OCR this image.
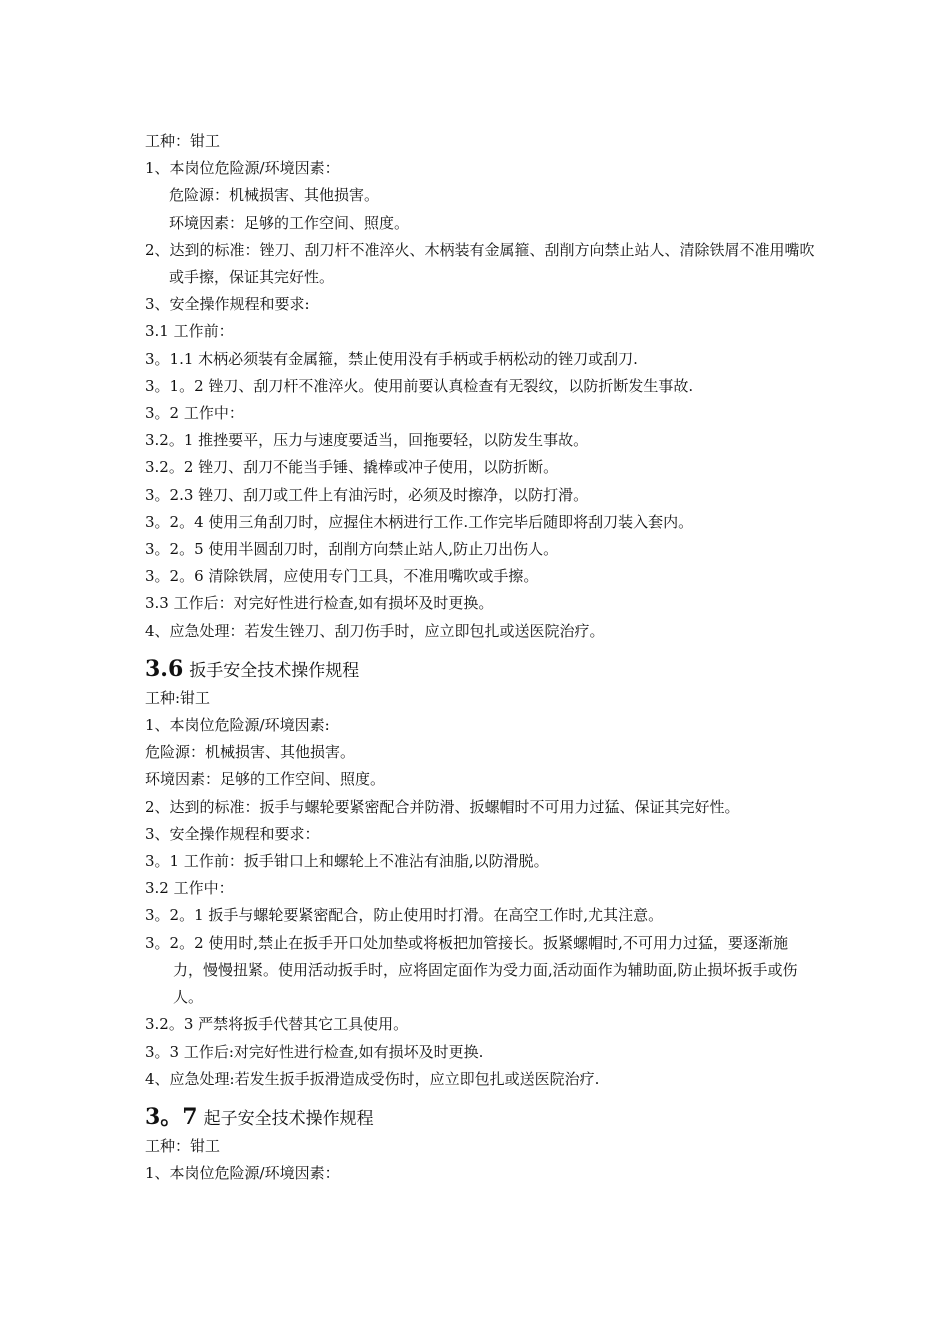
工种：钳工
1、本岗位危险源/环境因素：
危险源：机械损害、其他损害。
环境因素：足够的工作空间、照度。
2、达到的标准：锉刀、刮刀杆不准淬火、木柄装有金属箍、刮削方向禁止站人、清除铁屑不准用嘴吹或手擦，保证其完好性。
3、安全操作规程和要求:
3.1 工作前：
3。1.1 木柄必须装有金属箍，禁止使用没有手柄或手柄松动的锉刀或刮刀.
3。1。2 锉刀、刮刀杆不准淬火。使用前要认真检查有无裂纹，以防折断发生事故.
3。2 工作中：
3.2。1 推挫要平，压力与速度要适当，回拖要轻，以防发生事故。
3.2。2 锉刀、刮刀不能当手锤、撬棒或冲子使用，以防折断。
3。2.3 锉刀、刮刀或工件上有油污时，必须及时擦净，以防打滑。
3。2。4 使用三角刮刀时，应握住木柄进行工作.工作完毕后随即将刮刀装入套内。
3。2。5 使用半圆刮刀时，刮削方向禁止站人,防止刀出伤人。
3。2。6 清除铁屑，应使用专门工具，不准用嘴吹或手擦。
3.3 工作后：对完好性进行检查,如有损坏及时更换。
4、应急处理：若发生锉刀、刮刀伤手时，应立即包扎或送医院治疗。
3.6 扳手安全技术操作规程
工种:钳工
1、本岗位危险源/环境因素:
危险源：机械损害、其他损害。
环境因素：足够的工作空间、照度。
2、达到的标准：扳手与螺轮要紧密配合并防滑、扳螺帽时不可用力过猛、保证其完好性。
3、安全操作规程和要求：
3。1 工作前：扳手钳口上和螺轮上不准沾有油脂,以防滑脱。
3.2 工作中：
3。2。1 扳手与螺轮要紧密配合，防止使用时打滑。在高空工作时,尤其注意。
3。2。2 使用时,禁止在扳手开口处加垫或将板把加管接长。扳紧螺帽时,不可用力过猛，要逐渐施力，慢慢扭紧。使用活动扳手时，应将固定面作为受力面,活动面作为辅助面,防止损坏扳手或伤人。
3.2。3 严禁将扳手代替其它工具使用。
3。3 工作后:对完好性进行检查,如有损坏及时更换.
4、应急处理:若发生扳手扳滑造成受伤时，应立即包扎或送医院治疗.
3。7 起子安全技术操作规程
工种：钳工
1、本岗位危险源/环境因素：
